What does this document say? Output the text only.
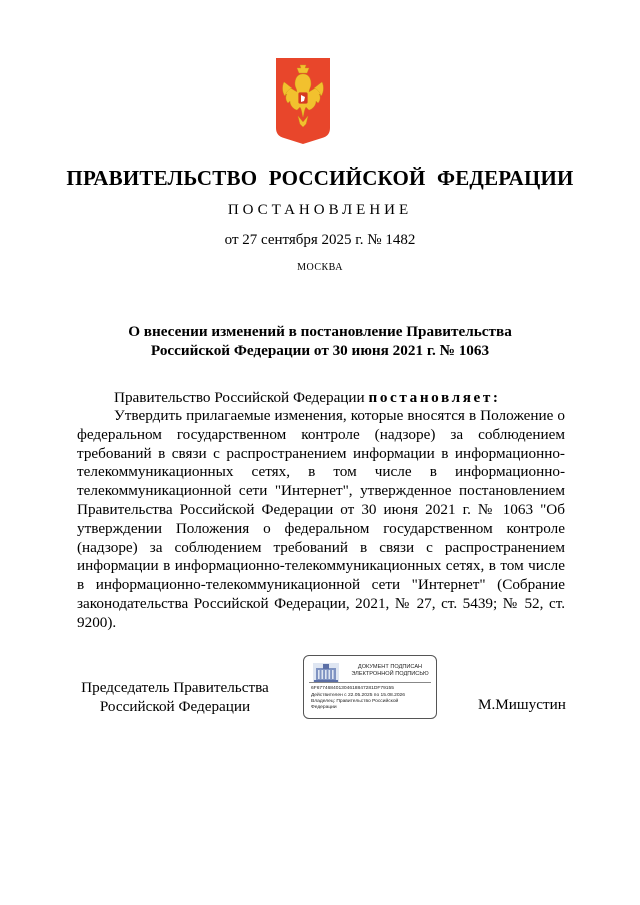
ПРАВИТЕЛЬСТВО РОССИЙСКОЙ ФЕДЕРАЦИИ
ПОСТАНОВЛЕНИЕ
от 27 сентября 2025 г. № 1482
МОСКВА
О внесении изменений в постановление Правительства
Российской Федерации от 30 июня 2021 г. № 1063
Правительство Российской Федерации постановляет:
Утвердить прилагаемые изменения, которые вносятся в Положение о федеральном государственном контроле (надзоре) за соблюдением требований в связи с распространением информации в информационно-телекоммуникационных сетях, в том числе в информационно-телекоммуникационной сети "Интернет", утвержденное постановлением Правительства Российской Федерации от 30 июня 2021 г. № 1063 "Об утверждении Положения о федеральном государственном контроле (надзоре) за соблюдением требований в связи с распространением информации в информационно-телекоммуникационных сетях, в том числе в информационно-телекоммуникационной сети "Интернет" (Собрание законодательства Российской Федерации, 2021, № 27, ст. 5439; № 52, ст. 9200).
Председатель Правительства
Российской Федерации
ДОКУМЕНТ ПОДПИСАН
ЭЛЕКТРОННОЙ ПОДПИСЬЮ
6F677468401304618847281DF79155
Действителен с 22.05.2025 по 15.08.2026
Владелец: Правительство Российской
Федерации	М.Мишустин
